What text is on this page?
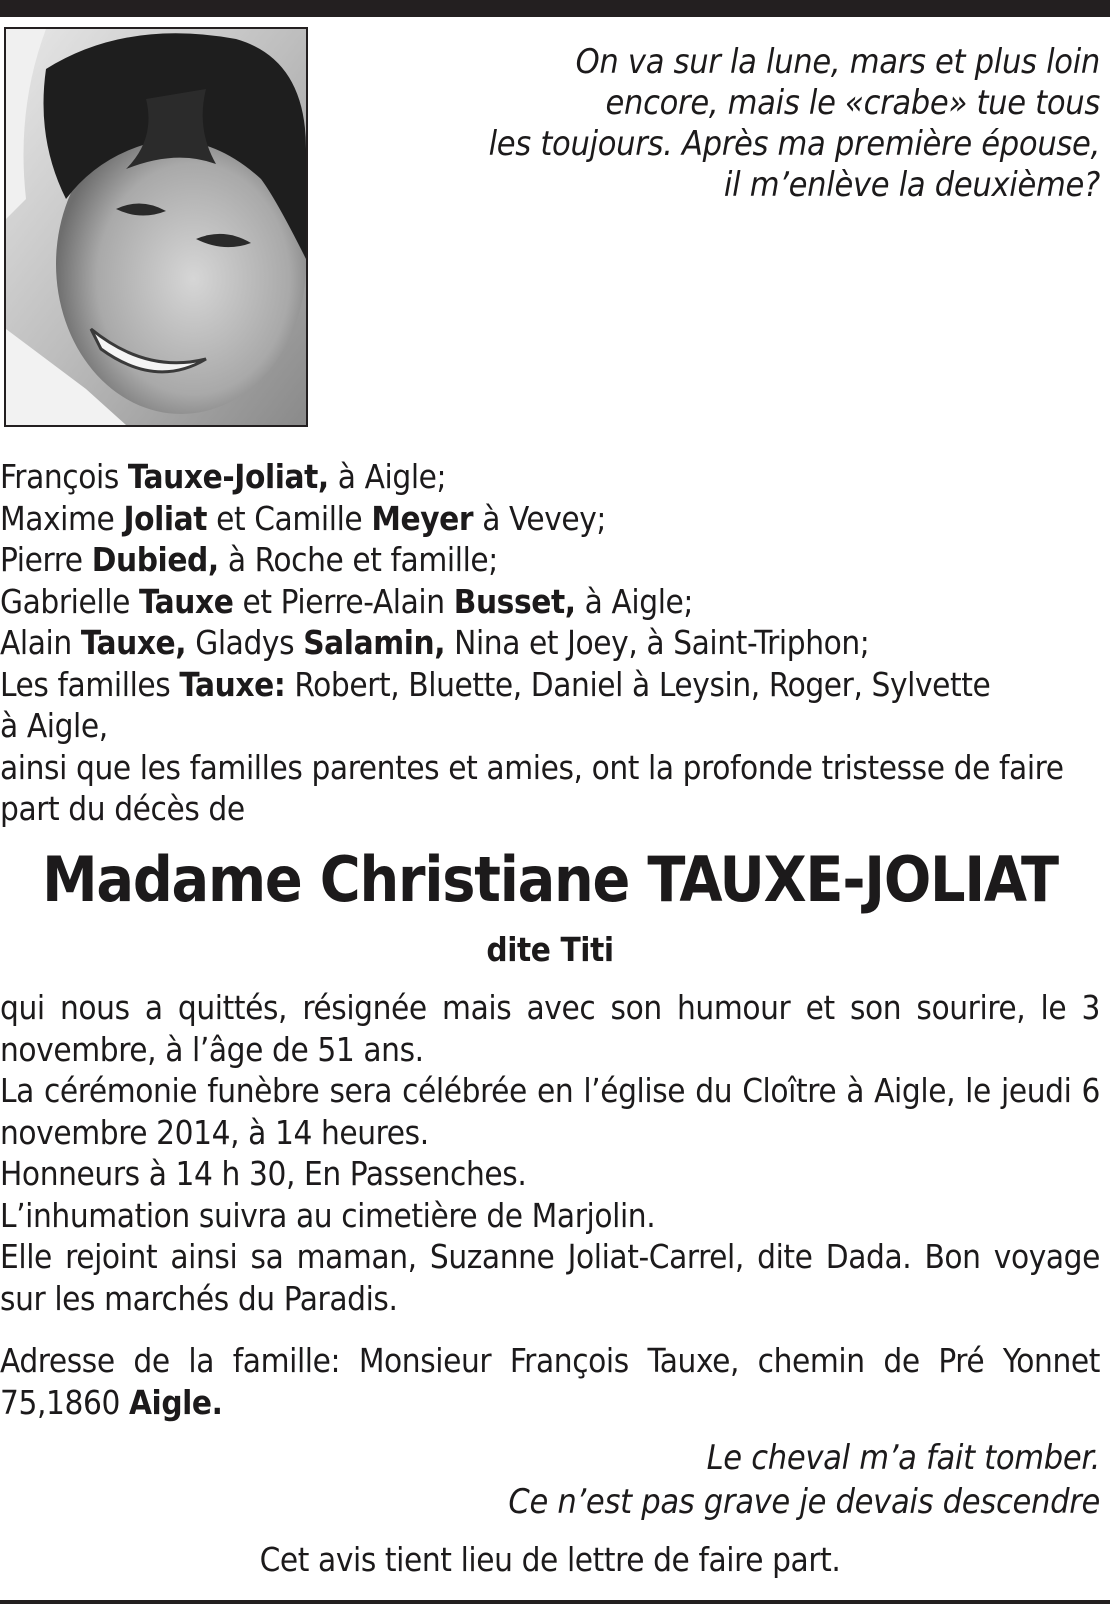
On va sur la lune, mars et plus loin
encore, mais le «crabe» tue tous
les toujours. Après ma première épouse,
il m’enlève la deuxième?
François Tauxe-Joliat, à Aigle;
Maxime Joliat et Camille Meyer à Vevey;
Pierre Dubied, à Roche et famille;
Gabrielle Tauxe et Pierre-Alain Busset, à Aigle;
Alain Tauxe, Gladys Salamin, Nina et Joey, à Saint-Triphon;
Les familles Tauxe: Robert, Bluette, Daniel à Leysin, Roger, Sylvette
à Aigle,
ainsi que les familles parentes et amies, ont la profonde tristesse de faire part du décès de
Madame Christiane TAUXE-JOLIAT
dite Titi
qui nous a quittés, résignée mais avec son humour et son sourire, le 3 novembre, à l’âge de 51 ans.
La cérémonie funèbre sera célébrée en l’église du Cloître à Aigle, le jeudi 6 novembre 2014, à 14 heures.
Honneurs à 14 h 30, En Passenches.
L’inhumation suivra au cimetière de Marjolin.
Elle rejoint ainsi sa maman, Suzanne Joliat-Carrel, dite Dada. Bon voyage sur les marchés du Paradis.
Adresse de la famille: Monsieur François Tauxe, chemin de Pré Yonnet 75,1860 Aigle.
Le cheval m’a fait tomber.
Ce n’est pas grave je devais descendre
Cet avis tient lieu de lettre de faire part.
